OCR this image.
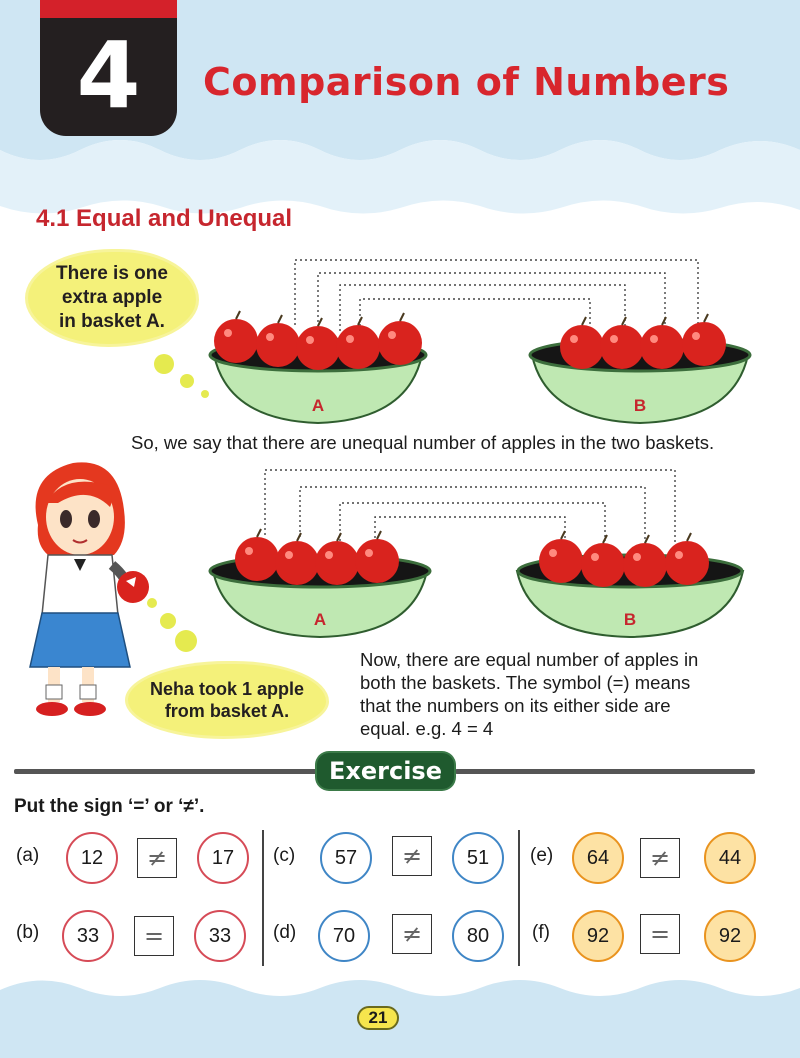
4	Comparison of Numbers
4.1 Equal and Unequal
There is one
extra apple
in basket A.
A	B
So, we say that there are unequal number of apples in the two baskets.
A	B
Neha took 1 apple
from basket A.
Now, there are equal number of apples in
both the baskets. The symbol (=) means
that the numbers on its either side are
equal. e.g. 4 = 4
Exercise
Put the sign ‘=’ or ‘≠’.
(a)	12	≠	17
(b)	33	=	33
(c)	57	≠	51
(d)	70	≠	80
(e)	64	≠	44
(f)	92	=	92
21
